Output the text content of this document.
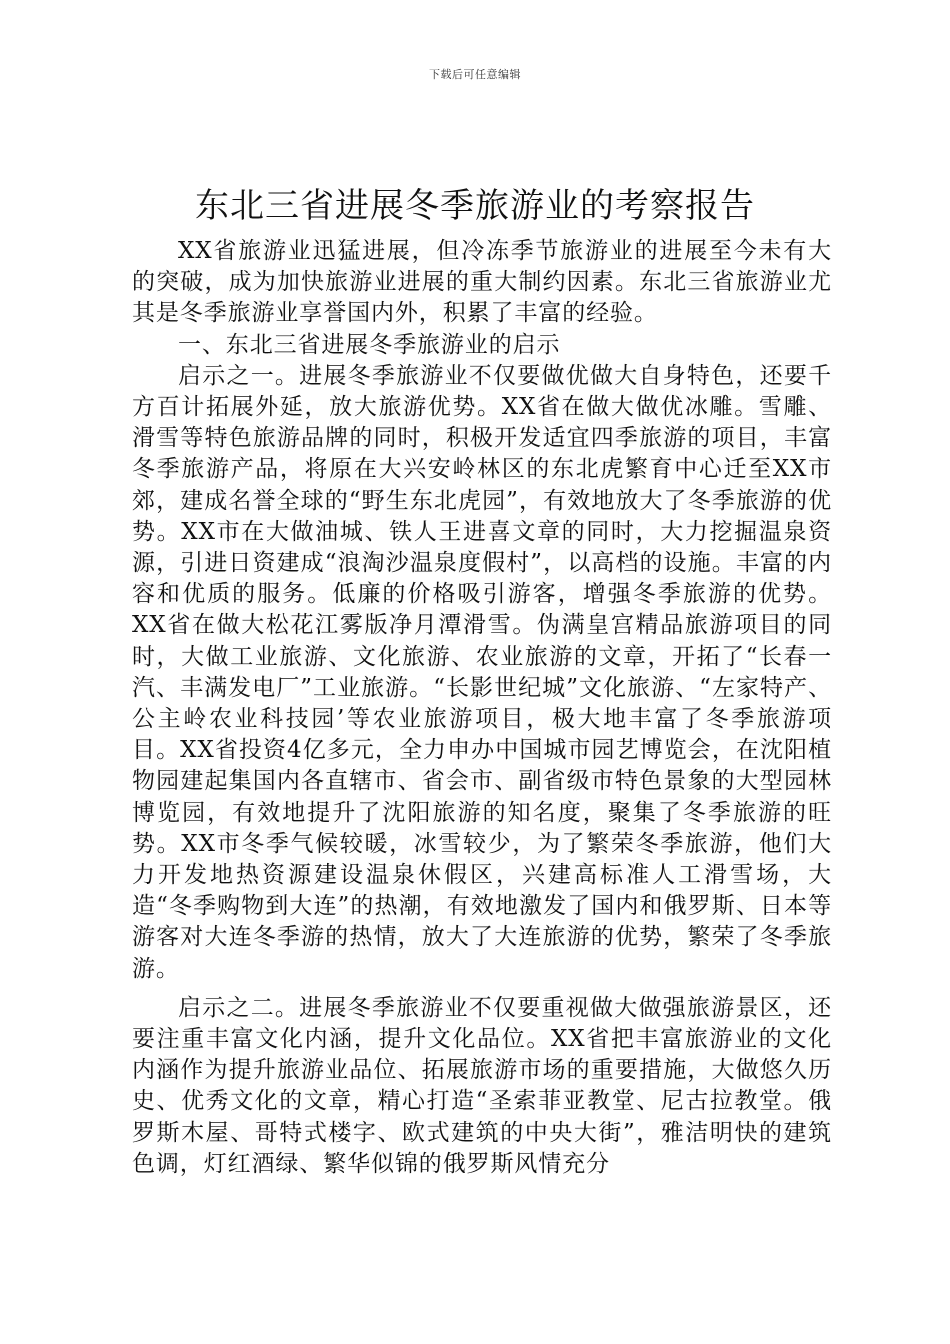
下载后可任意编辑
东北三省进展冬季旅游业的考察报告

XX省旅游业迅猛进展，但冷冻季节旅游业的进展至今未有大的突破，成为加快旅游业进展的重大制约因素。东北三省旅游业尤其是冬季旅游业享誉国内外，积累了丰富的经验。

一、东北三省进展冬季旅游业的启示

启示之一。进展冬季旅游业不仅要做优做大自身特色，还要千方百计拓展外延，放大旅游优势。XX省在做大做优冰雕。雪雕、滑雪等特色旅游品牌的同时，积极开发适宜四季旅游的项目，丰富冬季旅游产品，将原在大兴安岭林区的东北虎繁育中心迁至XX市郊，建成名誉全球的“野生东北虎园”，有效地放大了冬季旅游的优势。XX市在大做油城、铁人王进喜文章的同时，大力挖掘温泉资源，引进日资建成“浪淘沙温泉度假村”，以高档的设施。丰富的内容和优质的服务。低廉的价格吸引游客，增强冬季旅游的优势。XX省在做大松花江雾版净月潭滑雪。伪满皇宫精品旅游项目的同时，大做工业旅游、文化旅游、农业旅游的文章，开拓了“长春一汽、丰满发电厂”工业旅游。“长影世纪城”文化旅游、“左家特产、公主岭农业科技园’等农业旅游项目，极大地丰富了冬季旅游项目。XX省投资4亿多元，全力申办中国城市园艺博览会，在沈阳植物园建起集国内各直辖市、省会市、副省级市特色景象的大型园林博览园，有效地提升了沈阳旅游的知名度，聚集了冬季旅游的旺势。XX市冬季气候较暖，冰雪较少，为了繁荣冬季旅游，他们大力开发地热资源建设温泉休假区，兴建高标准人工滑雪场，大造“冬季购物到大连”的热潮，有效地激发了国内和俄罗斯、日本等游客对大连冬季游的热情，放大了大连旅游的优势，繁荣了冬季旅游。

启示之二。进展冬季旅游业不仅要重视做大做强旅游景区，还要注重丰富文化内涵，提升文化品位。XX省把丰富旅游业的文化内涵作为提升旅游业品位、拓展旅游市场的重要措施，大做悠久历史、优秀文化的文章，精心打造“圣索菲亚教堂、尼古拉教堂。俄罗斯木屋、哥特式楼字、欧式建筑的中央大街”，雅洁明快的建筑色调，灯红酒绿、繁华似锦的俄罗斯风情充分
